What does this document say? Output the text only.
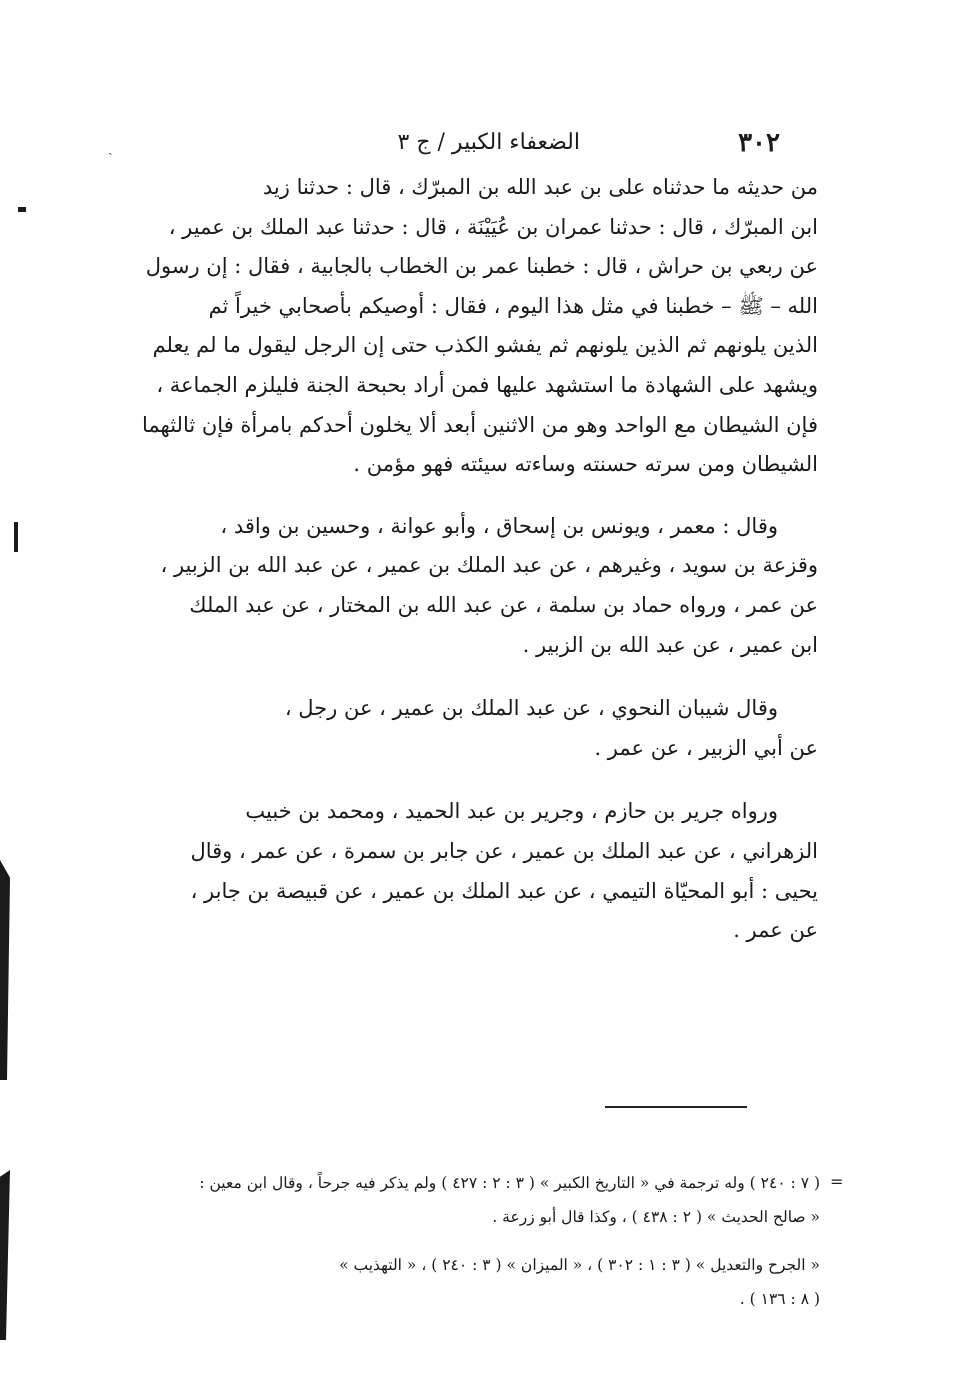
ˏ	٣٠٢
الضعفاء الكبير / ج ٣

من حديثه ما حدثناه على بن عبد الله بن المبرّك ، قال : حدثنا زيد
ابن المبرّك ، قال : حدثنا عمران بن عُيَيْنَة ، قال : حدثنا عبد الملك بن عمير ،
عن ربعي بن حراش ، قال : خطبنا عمر بن الخطاب بالجابية ، فقال : إن رسول
الله – ﷺ – خطبنا في مثل هذا اليوم ، فقال : أوصيكم بأصحابي خيراً ثم
الذين يلونهم ثم الذين يلونهم ثم يفشو الكذب حتى إن الرجل ليقول ما لم يعلم
ويشهد على الشهادة ما استشهد عليها فمن أراد بحبحة الجنة فليلزم الجماعة ،
فإن الشيطان مع الواحد وهو من الاثنين أبعد ألا يخلون أحدكم بامرأة فإن ثالثهما
الشيطان ومن سرته حسنته وساءته سيئته فهو مؤمن .

وقال : معمر ، ويونس بن إسحاق ، وأبو عوانة ، وحسين بن واقد ،
وقزعة بن سويد ، وغيرهم ، عن عبد الملك بن عمير ، عن عبد الله بن الزبير ،
عن عمر ، ورواه حماد بن سلمة ، عن عبد الله بن المختار ، عن عبد الملك
ابن عمير ، عن عبد الله بن الزبير .

وقال شيبان النحوي ، عن عبد الملك بن عمير ، عن رجل ،
عن أبي الزبير ، عن عمر .

ورواه جرير بن حازم ، وجرير بن عبد الحميد ، ومحمد بن خبيب
الزهراني ، عن عبد الملك بن عمير ، عن جابر بن سمرة ، عن عمر ، وقال
يحيى : أبو المحيّاة التيمي ، عن عبد الملك بن عمير ، عن قبيصة بن جابر ،
عن عمر .

=
( ٧ : ٢٤٠ ) وله ترجمة في « التاريخ الكبير » ( ٣ : ٢ : ٤٢٧ ) ولم يذكر فيه جرحاً ، وقال ابن معين :
« صالح الحديث » ( ٢ : ٤٣٨ ) ، وكذا قال أبو زرعة .
« الجرح والتعديل » ( ٣ : ١ : ٣٠٢ ) ، « الميزان » ( ٣ : ٢٤٠ ) ، « التهذيب »
( ٨ : ١٣٦ ) .
